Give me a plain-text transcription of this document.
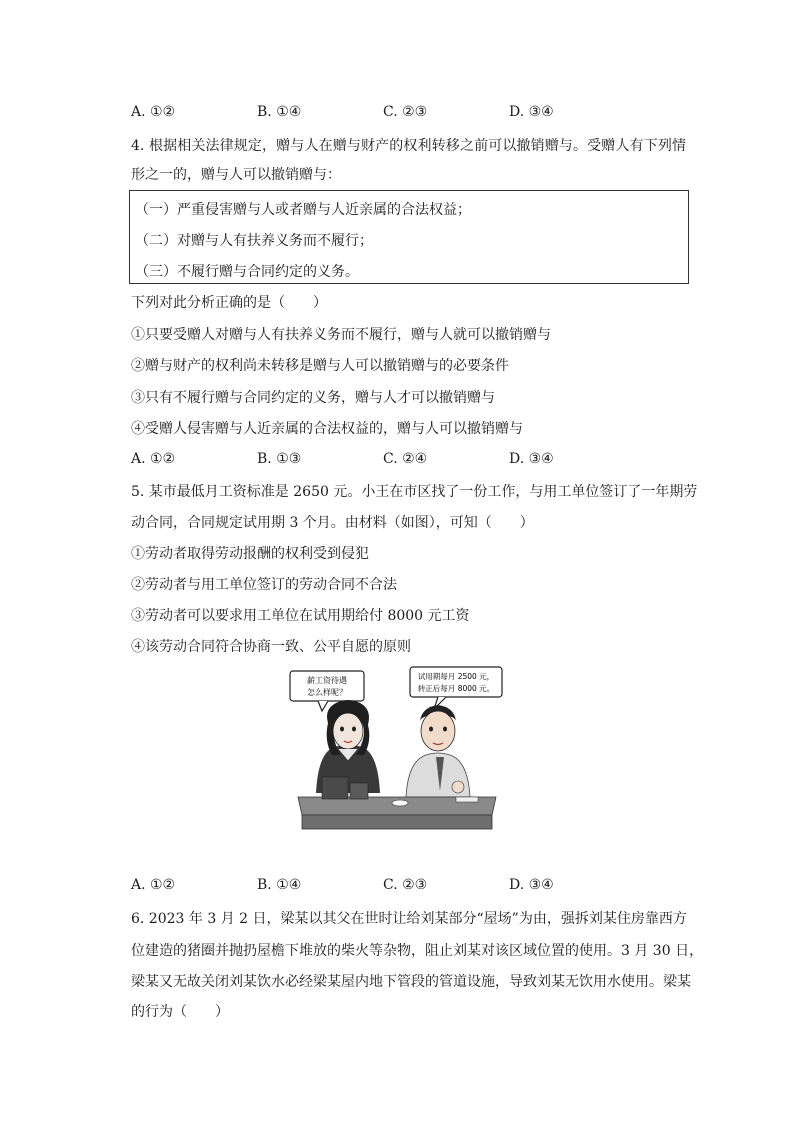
A. ①②	B. ①④	C. ②③	D. ③④
4. 根据相关法律规定，赠与人在赠与财产的权利转移之前可以撤销赠与。受赠人有下列情
形之一的，赠与人可以撤销赠与：
（一）严重侵害赠与人或者赠与人近亲属的合法权益；
（二）对赠与人有扶养义务而不履行；
（三）不履行赠与合同约定的义务。
下列对此分析正确的是（　　）
①只要受赠人对赠与人有扶养义务而不履行，赠与人就可以撤销赠与
②赠与财产的权利尚未转移是赠与人可以撤销赠与的必要条件
③只有不履行赠与合同约定的义务，赠与人才可以撤销赠与
④受赠人侵害赠与人近亲属的合法权益的，赠与人可以撤销赠与
A. ①②	B. ①③	C. ②④	D. ③④
5. 某市最低月工资标准是 2650 元。小王在市区找了一份工作，与用工单位签订了一年期劳
动合同，合同规定试用期 3 个月。由材料（如图），可知（　　）
①劳动者取得劳动报酬的权利受到侵犯
②劳动者与用工单位签订的劳动合同不合法
③劳动者可以要求用工单位在试用期给付 8000 元工资
④该劳动合同符合协商一致、公平自愿的原则
薪工资待遇
怎么样呢？
试用期每月 2500 元，
转正后每月 8000 元。
A. ①②	B. ①④	C. ②③	D. ③④
6. 2023 年 3 月 2 日，梁某以其父在世时让给刘某部分“屋场”为由，强拆刘某住房靠西方
位建造的猪圈并抛扔屋檐下堆放的柴火等杂物，阻止刘某对该区域位置的使用。3 月 30 日，
梁某又无故关闭刘某饮水必经梁某屋内地下管段的管道设施，导致刘某无饮用水使用。梁某
的行为（　　）
